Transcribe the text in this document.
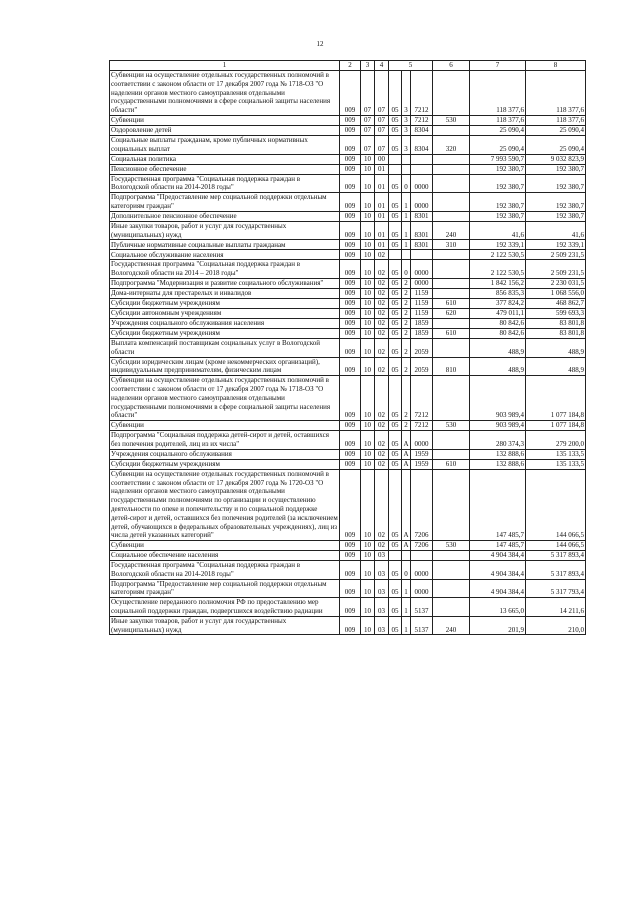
12
1	2	3	4	5			6	7	8
Субвенции на осуществление отдельных государственных полномочий в соответствии с законом области от 17 декабря 2007 года № 1718-ОЗ "О наделении органов местного самоуправления отдельными государственными полномочиями в сфере социальной защиты населения области"	009	07	07	05	3	7212		118 377,6	118 377,6
Субвенции	009	07	07	05	3	7212	530	118 377,6	118 377,6
Оздоровление детей	009	07	07	05	3	8304		25 090,4	25 090,4
Социальные выплаты гражданам, кроме публичных нормативных социальных выплат	009	07	07	05	3	8304	320	25 090,4	25 090,4
Социальная политика	009	10	00					7 993 590,7	9 032 823,9
Пенсионное обеспечение	009	10	01					192 380,7	192 380,7
Государственная программа "Социальная поддержка граждан в Вологодской области на 2014-2018 годы"	009	10	01	05	0	0000		192 380,7	192 380,7
Подпрограмма "Предоставление мер социальной поддержки отдельным категориям граждан"	009	10	01	05	1	0000		192 380,7	192 380,7
Дополнительное пенсионное обеспечение	009	10	01	05	1	8301		192 380,7	192 380,7
Иные закупки товаров, работ и услуг для государственных (муниципальных) нужд	009	10	01	05	1	8301	240	41,6	41,6
Публичные нормативные социальные выплаты гражданам	009	10	01	05	1	8301	310	192 339,1	192 339,1
Социальное обслуживание населения	009	10	02					2 122 530,5	2 509 231,5
Государственная программа "Социальная поддержка граждан в Вологодской области на 2014 – 2018 годы"	009	10	02	05	0	0000		2 122 530,5	2 509 231,5
Подпрограмма "Модернизация и развитие социального обслуживания"	009	10	02	05	2	0000		1 842 156,2	2 230 031,5
Дома-интернаты для престарелых и инвалидов	009	10	02	05	2	1159		856 835,3	1 068 556,0
Субсидии бюджетным учреждениям	009	10	02	05	2	1159	610	377 824,2	468 862,7
Субсидии автономным учреждениям	009	10	02	05	2	1159	620	479 011,1	599 693,3
Учреждения социального обслуживания населения	009	10	02	05	2	1859		80 842,6	83 801,8
Субсидии бюджетным учреждениям	009	10	02	05	2	1859	610	80 842,6	83 801,8
Выплата компенсаций поставщикам социальных услуг в Вологодской области	009	10	02	05	2	2059		488,9	488,9
Субсидии юридическим лицам (кроме некоммерческих организаций), индивидуальным предпринимателям, физическим лицам	009	10	02	05	2	2059	810	488,9	488,9
Субвенции на осуществление отдельных государственных полномочий в соответствии с законом области от 17 декабря 2007 года № 1718-ОЗ "О наделении органов местного самоуправления отдельными государственными полномочиями в сфере социальной защиты населения области"	009	10	02	05	2	7212		903 989,4	1 077 184,8
Субвенции	009	10	02	05	2	7212	530	903 989,4	1 077 184,8
Подпрограмма "Социальная поддержка детей-сирот и детей, оставшихся без попечения родителей, лиц из их числа"	009	10	02	05	А	0000		280 374,3	279 200,0
Учреждения социального обслуживания	009	10	02	05	А	1959		132 888,6	135 133,5
Субсидии бюджетным учреждениям	009	10	02	05	А	1959	610	132 888,6	135 133,5
Субвенции на осуществление отдельных государственных полномочий в соответствии с законом области от 17 декабря 2007 года № 1720-ОЗ "О наделении органов местного самоуправления отдельными государственными полномочиями по организации и осуществлению деятельности по опеке и попечительству и по социальной поддержке детей-сирот и детей, оставшихся без попечения родителей (за исключением детей, обучающихся в федеральных образовательных учреждениях), лиц из числа детей указанных категорий"	009	10	02	05	А	7206		147 485,7	144 066,5
Субвенции	009	10	02	05	А	7206	530	147 485,7	144 066,5
Социальное обеспечение населения	009	10	03					4 904 384,4	5 317 893,4
Государственная программа "Социальная поддержка граждан в Вологодской области на 2014-2018 годы"	009	10	03	05	0	0000		4 904 384,4	5 317 893,4
Подпрограмма "Предоставление мер социальной поддержки отдельным категориям граждан"	009	10	03	05	1	0000		4 904 384,4	5 317 793,4
Осуществление переданного полномочия РФ по предоставлению мер социальной поддержки граждан, подвергшихся воздействию радиации	009	10	03	05	1	5137		13 665,0	14 211,6
Иные закупки товаров, работ и услуг для государственных (муниципальных) нужд	009	10	03	05	1	5137	240	201,9	210,0
